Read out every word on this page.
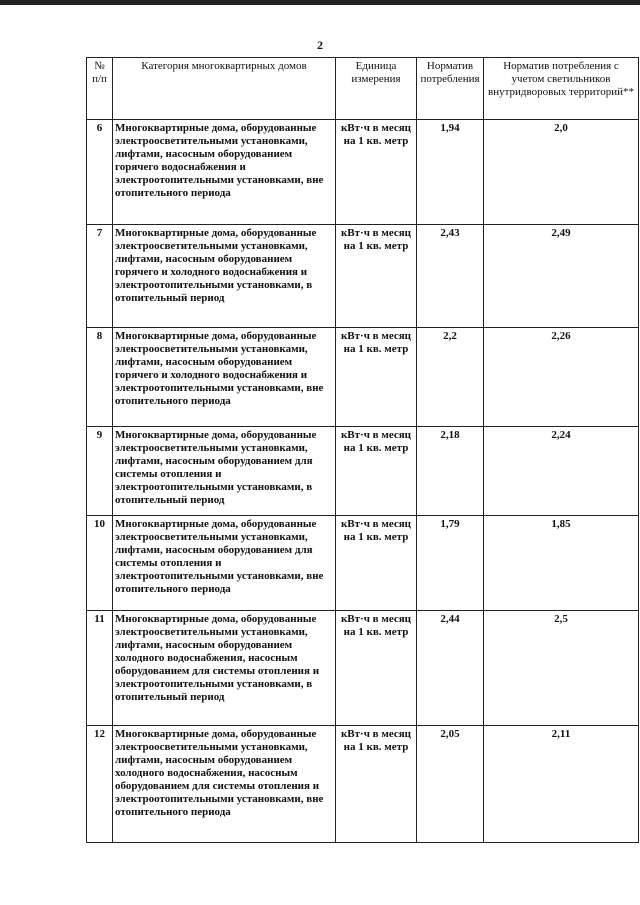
2
№ п/п	Категория многоквартирных домов	Единица измерения	Норматив потребления	Норматив потребления с учетом светильников внутридворовых территорий**
6	Многоквартирные дома, оборудованные электроосветительными установками, лифтами, насосным оборудованием горячего водоснабжения и электроотопительными установками, вне отопительного периода	кВт·ч в месяц на 1 кв. метр	1,94	2,0
7	Многоквартирные дома, оборудованные электроосветительными установками, лифтами, насосным оборудованием горячего и холодного водоснабжения и электроотопительными установками, в отопительный период	кВт·ч в месяц на 1 кв. метр	2,43	2,49
8	Многоквартирные дома, оборудованные электроосветительными установками, лифтами, насосным оборудованием горячего и холодного водоснабжения и электроотопительными установками, вне отопительного периода	кВт·ч в месяц на 1 кв. метр	2,2	2,26
9	Многоквартирные дома, оборудованные электроосветительными установками, лифтами, насосным оборудованием для системы отопления и электроотопительными установками, в отопительный период	кВт·ч в месяц на 1 кв. метр	2,18	2,24
10	Многоквартирные дома, оборудованные электроосветительными установками, лифтами, насосным оборудованием для системы отопления и электроотопительными установками, вне отопительного периода	кВт·ч в месяц на 1 кв. метр	1,79	1,85
11	Многоквартирные дома, оборудованные электроосветительными установками, лифтами, насосным оборудованием холодного водоснабжения, насосным оборудованием для системы отопления и электроотопительными установками, в отопительный период	кВт·ч в месяц на 1 кв. метр	2,44	2,5
12	Многоквартирные дома, оборудованные электроосветительными установками, лифтами, насосным оборудованием холодного водоснабжения, насосным оборудованием для системы отопления и электроотопительными установками, вне отопительного периода	кВт·ч в месяц на 1 кв. метр	2,05	2,11
